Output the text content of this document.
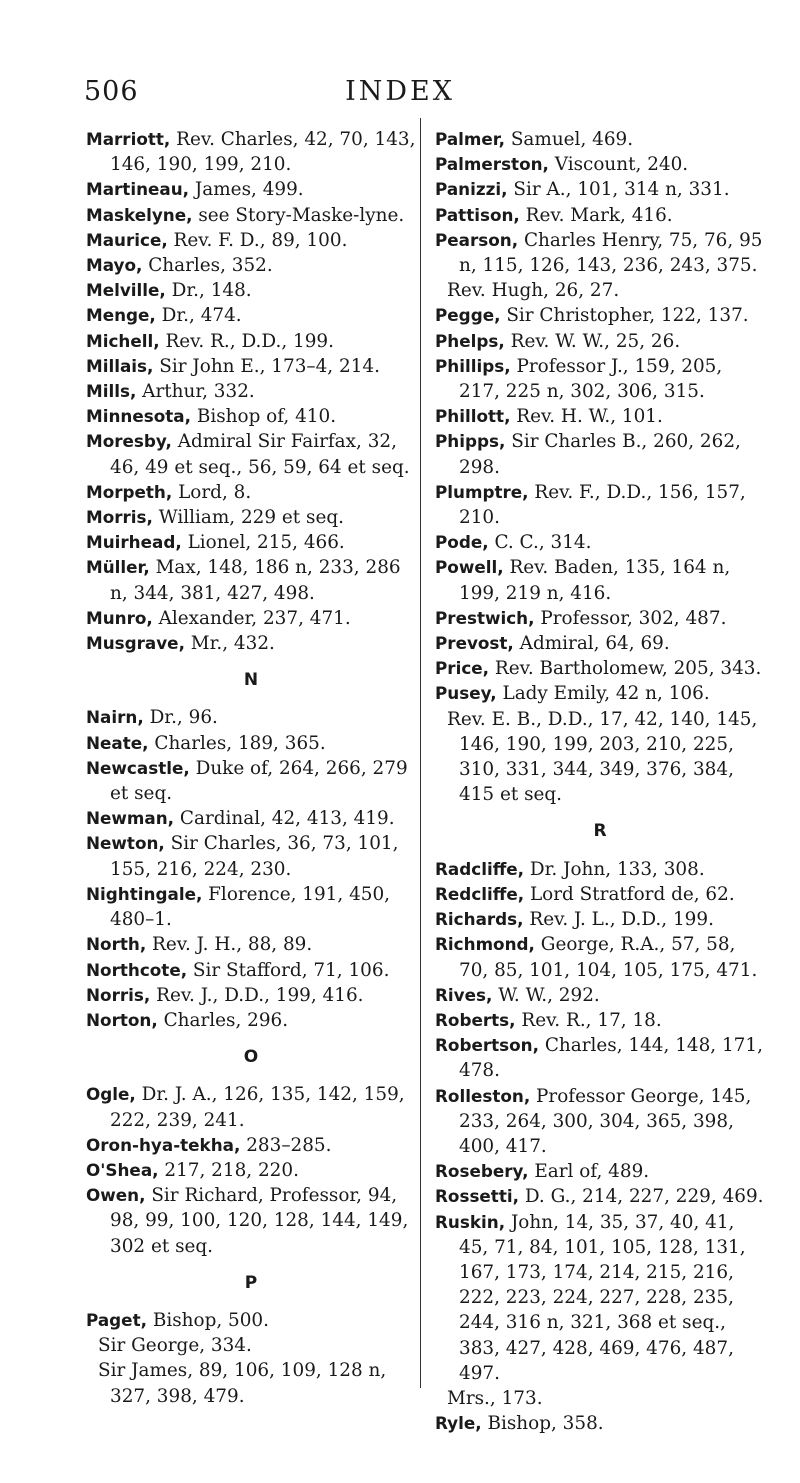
506	INDEX

Marriott, Rev. Charles, 42, 70, 143, 146, 190, 199, 210.

Martineau, James, 499.

Maskelyne, see Story-Maske-lyne.

Maurice, Rev. F. D., 89, 100.

Mayo, Charles, 352.

Melville, Dr., 148.

Menge, Dr., 474.

Michell, Rev. R., D.D., 199.

Millais, Sir John E., 173–4, 214.

Mills, Arthur, 332.

Minnesota, Bishop of, 410.

Moresby, Admiral Sir Fairfax, 32, 46, 49 et seq., 56, 59, 64 et seq.

Morpeth, Lord, 8.

Morris, William, 229 et seq.

Muirhead, Lionel, 215, 466.

Müller, Max, 148, 186 n, 233, 286 n, 344, 381, 427, 498.

Munro, Alexander, 237, 471.

Musgrave, Mr., 432.

N

Nairn, Dr., 96.

Neate, Charles, 189, 365.

Newcastle, Duke of, 264, 266, 279 et seq.

Newman, Cardinal, 42, 413, 419.

Newton, Sir Charles, 36, 73, 101, 155, 216, 224, 230.

Nightingale, Florence, 191, 450, 480–1.

North, Rev. J. H., 88, 89.

Northcote, Sir Stafford, 71, 106.

Norris, Rev. J., D.D., 199, 416.

Norton, Charles, 296.

O

Ogle, Dr. J. A., 126, 135, 142, 159, 222, 239, 241.

Oron-hya-tekha, 283–285.

O'Shea, 217, 218, 220.

Owen, Sir Richard, Professor, 94, 98, 99, 100, 120, 128, 144, 149, 302 et seq.

P

Paget, Bishop, 500.

Sir George, 334.

Sir James, 89, 106, 109, 128 n, 327, 398, 479.

Palmer, Samuel, 469.

Palmerston, Viscount, 240.

Panizzi, Sir A., 101, 314 n, 331.

Pattison, Rev. Mark, 416.

Pearson, Charles Henry, 75, 76, 95 n, 115, 126, 143, 236, 243, 375.

Rev. Hugh, 26, 27.

Pegge, Sir Christopher, 122, 137.

Phelps, Rev. W. W., 25, 26.

Phillips, Professor J., 159, 205, 217, 225 n, 302, 306, 315.

Phillott, Rev. H. W., 101.

Phipps, Sir Charles B., 260, 262, 298.

Plumptre, Rev. F., D.D., 156, 157, 210.

Pode, C. C., 314.

Powell, Rev. Baden, 135, 164 n, 199, 219 n, 416.

Prestwich, Professor, 302, 487.

Prevost, Admiral, 64, 69.

Price, Rev. Bartholomew, 205, 343.

Pusey, Lady Emily, 42 n, 106.

Rev. E. B., D.D., 17, 42, 140, 145, 146, 190, 199, 203, 210, 225, 310, 331, 344, 349, 376, 384, 415 et seq.

R

Radcliffe, Dr. John, 133, 308.

Redcliffe, Lord Stratford de, 62.

Richards, Rev. J. L., D.D., 199.

Richmond, George, R.A., 57, 58, 70, 85, 101, 104, 105, 175, 471.

Rives, W. W., 292.

Roberts, Rev. R., 17, 18.

Robertson, Charles, 144, 148, 171, 478.

Rolleston, Professor George, 145, 233, 264, 300, 304, 365, 398, 400, 417.

Rosebery, Earl of, 489.

Rossetti, D. G., 214, 227, 229, 469.

Ruskin, John, 14, 35, 37, 40, 41, 45, 71, 84, 101, 105, 128, 131, 167, 173, 174, 214, 215, 216, 222, 223, 224, 227, 228, 235, 244, 316 n, 321, 368 et seq., 383, 427, 428, 469, 476, 487, 497.

Mrs., 173.

Ryle, Bishop, 358.
